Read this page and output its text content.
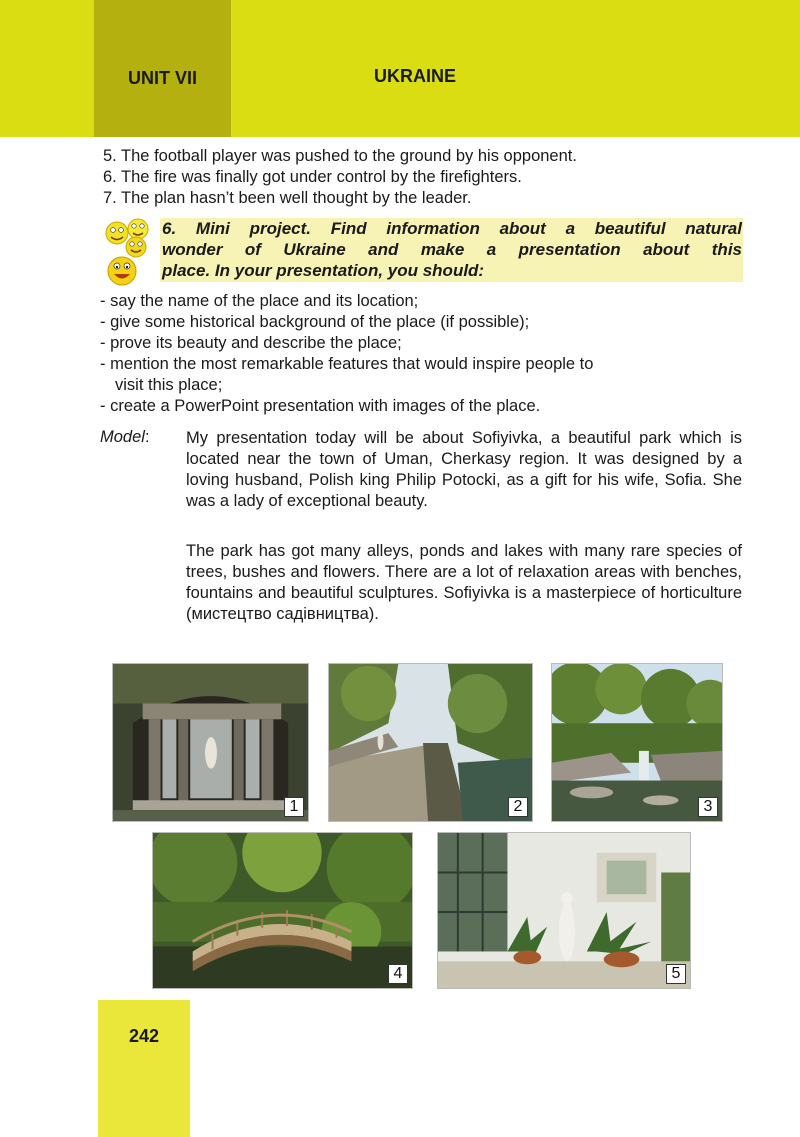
UNIT VII	UKRAINE
5. The football player was pushed to the ground by his opponent.
6. The fire was finally got under control by the firefighters.
7. The plan hasn’t been well thought by the leader.
6. Mini project. Find information about a beautiful natural
wonder of Ukraine and make a presentation about this
place. In your presentation, you should:
- say the name of the place and its location;
- give some historical background of the place (if possible);
- prove its beauty and describe the place;
- mention the most remarkable features that would inspire people to
visit this place;
- create a PowerPoint presentation with images of the place.
Model: My presentation today will be about Sofiyivka, a beautiful park which is located near the town of Uman, Cherkasy region. It was designed by a loving husband, Polish king Philip Potocki, as a gift for his wife, Sofia. She was a lady of exceptional beauty.
The park has got many alleys, ponds and lakes with many rare species of trees, bushes and flowers. There are a lot of relaxation areas with benches, fountains and beautiful sculptures. Sofiyivka is a masterpiece of horticulture (мистецтво садівництва).
1	2	3
4	5
242
